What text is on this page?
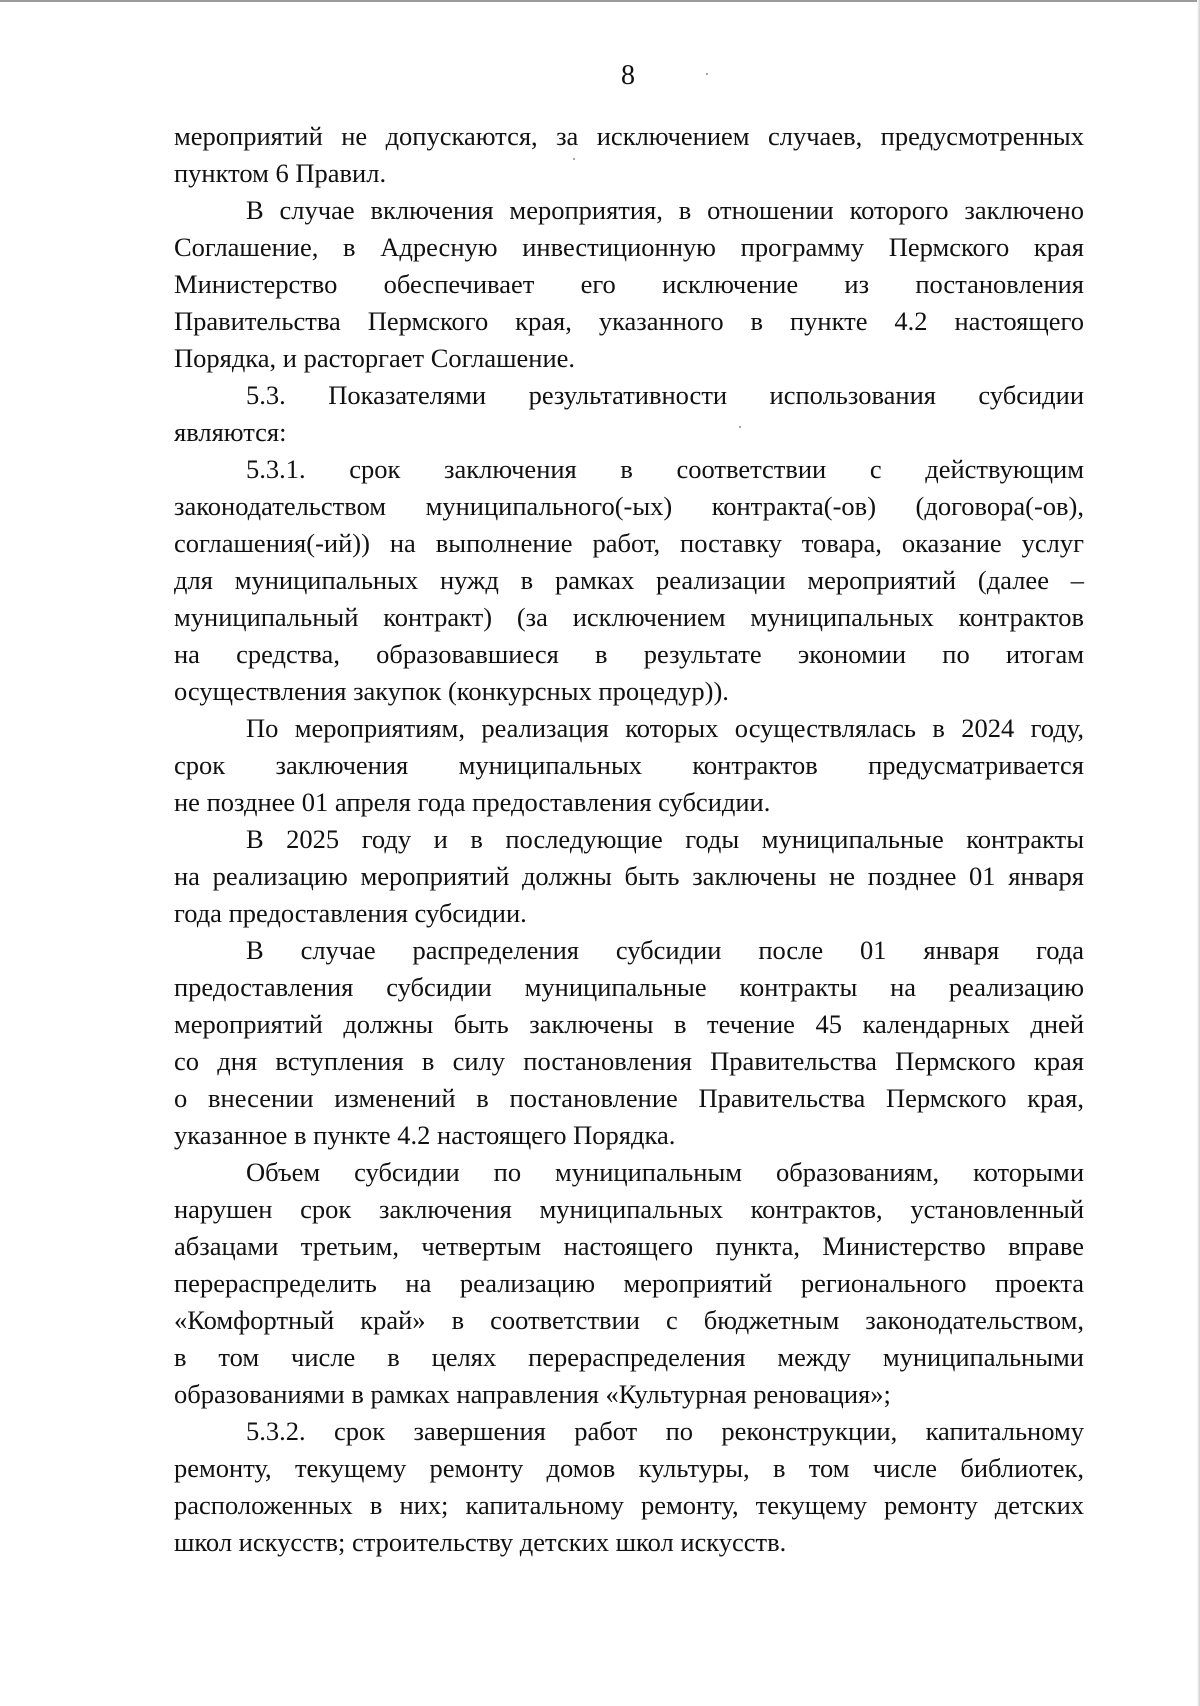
8
мероприятий не допускаются, за исключением случаев, предусмотренных
пунктом 6 Правил.
В случае включения мероприятия, в отношении которого заключено
Соглашение, в Адресную инвестиционную программу Пермского края
Министерство обеспечивает его исключение из постановления
Правительства Пермского края, указанного в пункте 4.2 настоящего
Порядка, и расторгает Соглашение.
5.3. Показателями результативности использования субсидии
являются:
5.3.1. срок заключения в соответствии с действующим
законодательством муниципального(-ых) контракта(-ов) (договора(-ов),
соглашения(-ий)) на выполнение работ, поставку товара, оказание услуг
для муниципальных нужд в рамках реализации мероприятий (далее –
муниципальный контракт) (за исключением муниципальных контрактов
на средства, образовавшиеся в результате экономии по итогам
осуществления закупок (конкурсных процедур)).
По мероприятиям, реализация которых осуществлялась в 2024 году,
срок заключения муниципальных контрактов предусматривается
не позднее 01 апреля года предоставления субсидии.
В 2025 году и в последующие годы муниципальные контракты
на реализацию мероприятий должны быть заключены не позднее 01 января
года предоставления субсидии.
В случае распределения субсидии после 01 января года
предоставления субсидии муниципальные контракты на реализацию
мероприятий должны быть заключены в течение 45 календарных дней
со дня вступления в силу постановления Правительства Пермского края
о внесении изменений в постановление Правительства Пермского края,
указанное в пункте 4.2 настоящего Порядка.
Объем субсидии по муниципальным образованиям, которыми
нарушен срок заключения муниципальных контрактов, установленный
абзацами третьим, четвертым настоящего пункта, Министерство вправе
перераспределить на реализацию мероприятий регионального проекта
«Комфортный край» в соответствии с бюджетным законодательством,
в том числе в целях перераспределения между муниципальными
образованиями в рамках направления «Культурная реновация»;
5.3.2. срок завершения работ по реконструкции, капитальному
ремонту, текущему ремонту домов культуры, в том числе библиотек,
расположенных в них; капитальному ремонту, текущему ремонту детских
школ искусств; строительству детских школ искусств.
